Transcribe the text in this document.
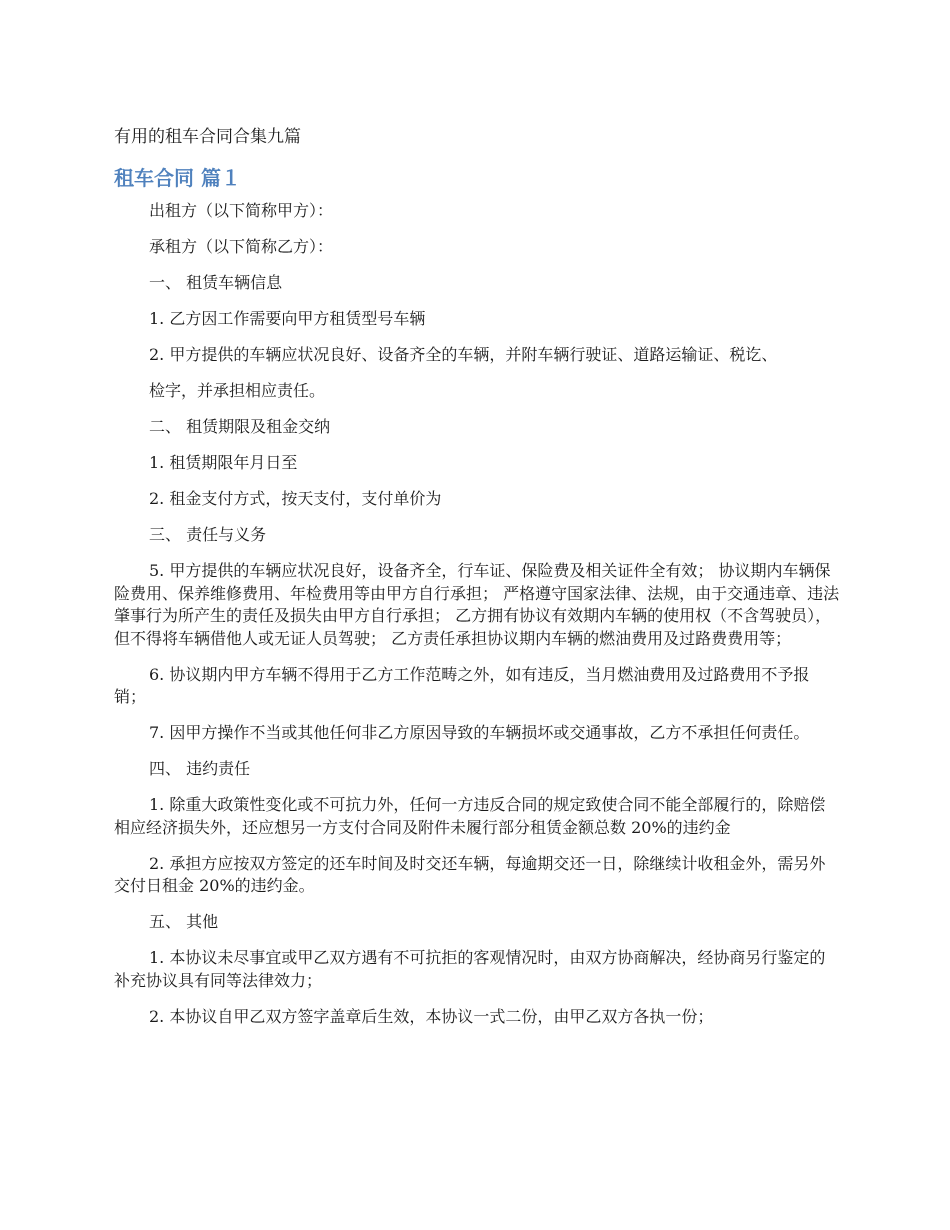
有用的租车合同合集九篇
租车合同 篇１

出租方（以下简称甲方）：

承租方（以下简称乙方）：

一、 租赁车辆信息

1. 乙方因工作需要向甲方租赁型号车辆

2. 甲方提供的车辆应状况良好、设备齐全的车辆，并附车辆行驶证、道路运输证、税讫、

检字，并承担相应责任。

二、 租赁期限及租金交纳

1. 租赁期限年月日至

2. 租金支付方式，按天支付，支付单价为

三、 责任与义务

5. 甲方提供的车辆应状况良好，设备齐全，行车证、保险费及相关证件全有效； 协议期内车辆保险费用、保养维修费用、年检费用等由甲方自行承担； 严格遵守国家法律、法规，由于交通违章、违法肇事行为所产生的责任及损失由甲方自行承担； 乙方拥有协议有效期内车辆的使用权（不含驾驶员），但不得将车辆借他人或无证人员驾驶； 乙方责任承担协议期内车辆的燃油费用及过路费费用等；

6. 协议期内甲方车辆不得用于乙方工作范畴之外，如有违反，当月燃油费用及过路费用不予报销；

7. 因甲方操作不当或其他任何非乙方原因导致的车辆损坏或交通事故，乙方不承担任何责任。

四、 违约责任

1. 除重大政策性变化或不可抗力外，任何一方违反合同的规定致使合同不能全部履行的，除赔偿相应经济损失外，还应想另一方支付合同及附件未履行部分租赁金额总数 20%的违约金

2. 承担方应按双方签定的还车时间及时交还车辆，每逾期交还一日，除继续计收租金外，需另外交付日租金 20%的违约金。

五、 其他

1. 本协议未尽事宜或甲乙双方遇有不可抗拒的客观情况时，由双方协商解决，经协商另行鉴定的补充协议具有同等法律效力；

2. 本协议自甲乙双方签字盖章后生效，本协议一式二份，由甲乙双方各执一份；
